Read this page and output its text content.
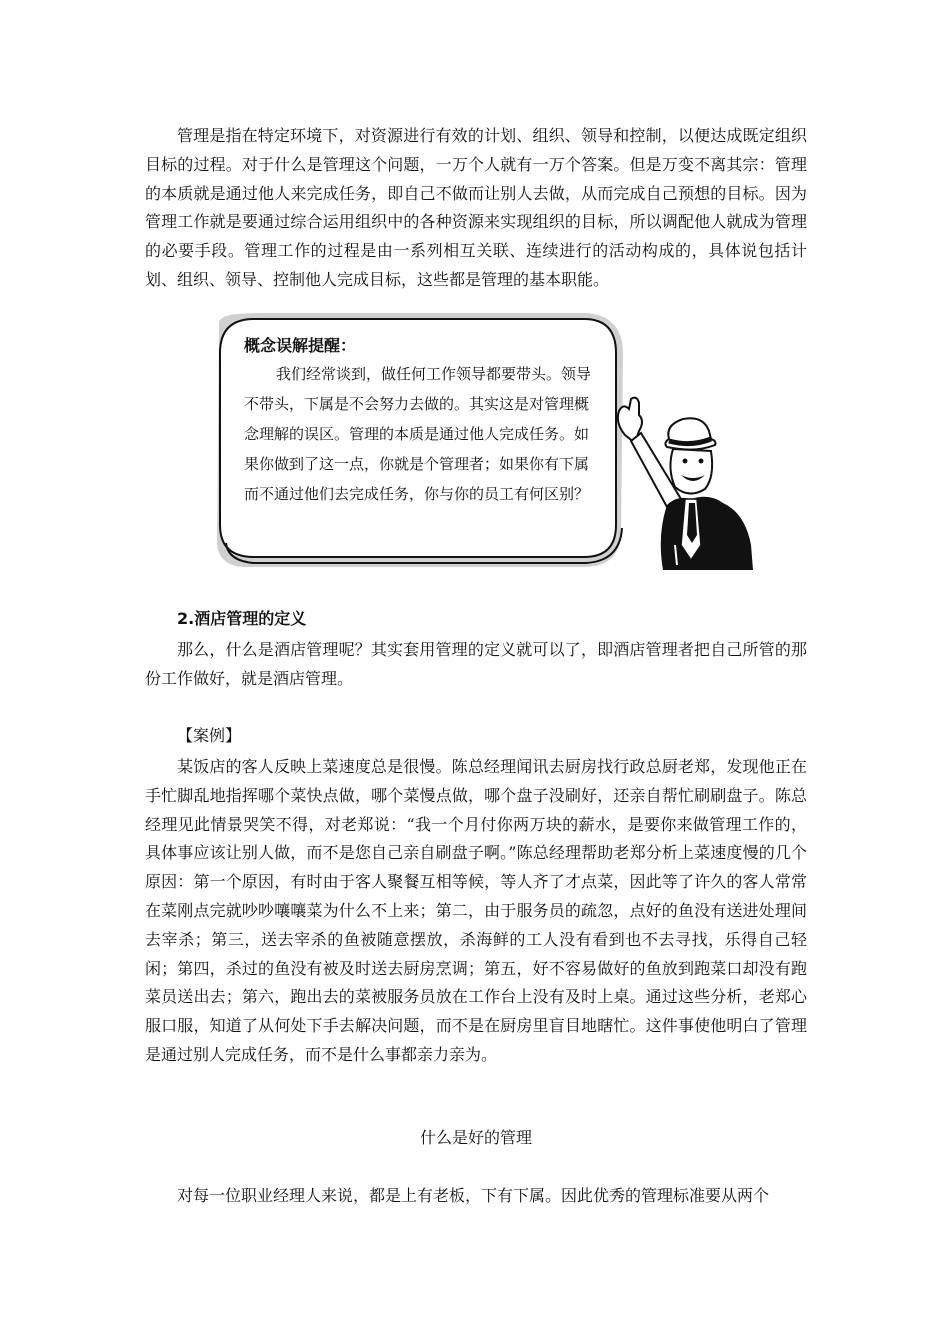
管理是指在特定环境下，对资源进行有效的计划、组织、领导和控制，以便达成既定组织目标的过程。对于什么是管理这个问题，一万个人就有一万个答案。但是万变不离其宗：管理的本质就是通过他人来完成任务，即自己不做而让别人去做，从而完成自己预想的目标。因为管理工作就是要通过综合运用组织中的各种资源来实现组织的目标，所以调配他人就成为管理的必要手段。管理工作的过程是由一系列相互关联、连续进行的活动构成的，具体说包括计划、组织、领导、控制他人完成目标，这些都是管理的基本职能。

概念误解提醒：

我们经常谈到，做任何工作领导都要带头。领导不带头，下属是不会努力去做的。其实这是对管理概念理解的误区。管理的本质是通过他人完成任务。如果你做到了这一点，你就是个管理者；如果你有下属而不通过他们去完成任务，你与你的员工有何区别？

2.酒店管理的定义

那么，什么是酒店管理呢？其实套用管理的定义就可以了，即酒店管理者把自己所管的那份工作做好，就是酒店管理。

【案例】

某饭店的客人反映上菜速度总是很慢。陈总经理闻讯去厨房找行政总厨老郑，发现他正在手忙脚乱地指挥哪个菜快点做，哪个菜慢点做，哪个盘子没刷好，还亲自帮忙刷刷盘子。陈总经理见此情景哭笑不得，对老郑说：“我一个月付你两万块的薪水，是要你来做管理工作的，具体事应该让别人做，而不是您自己亲自刷盘子啊。”陈总经理帮助老郑分析上菜速度慢的几个原因：第一个原因，有时由于客人聚餐互相等候，等人齐了才点菜，因此等了许久的客人常常在菜刚点完就吵吵嚷嚷菜为什么不上来；第二，由于服务员的疏忽，点好的鱼没有送进处理间去宰杀；第三，送去宰杀的鱼被随意摆放，杀海鲜的工人没有看到也不去寻找，乐得自己轻闲；第四，杀过的鱼没有被及时送去厨房烹调；第五，好不容易做好的鱼放到跑菜口却没有跑菜员送出去；第六，跑出去的菜被服务员放在工作台上没有及时上桌。通过这些分析，老郑心服口服，知道了从何处下手去解决问题，而不是在厨房里盲目地瞎忙。这件事使他明白了管理是通过别人完成任务，而不是什么事都亲力亲为。

什么是好的管理

对每一位职业经理人来说，都是上有老板，下有下属。因此优秀的管理标准要从两个
